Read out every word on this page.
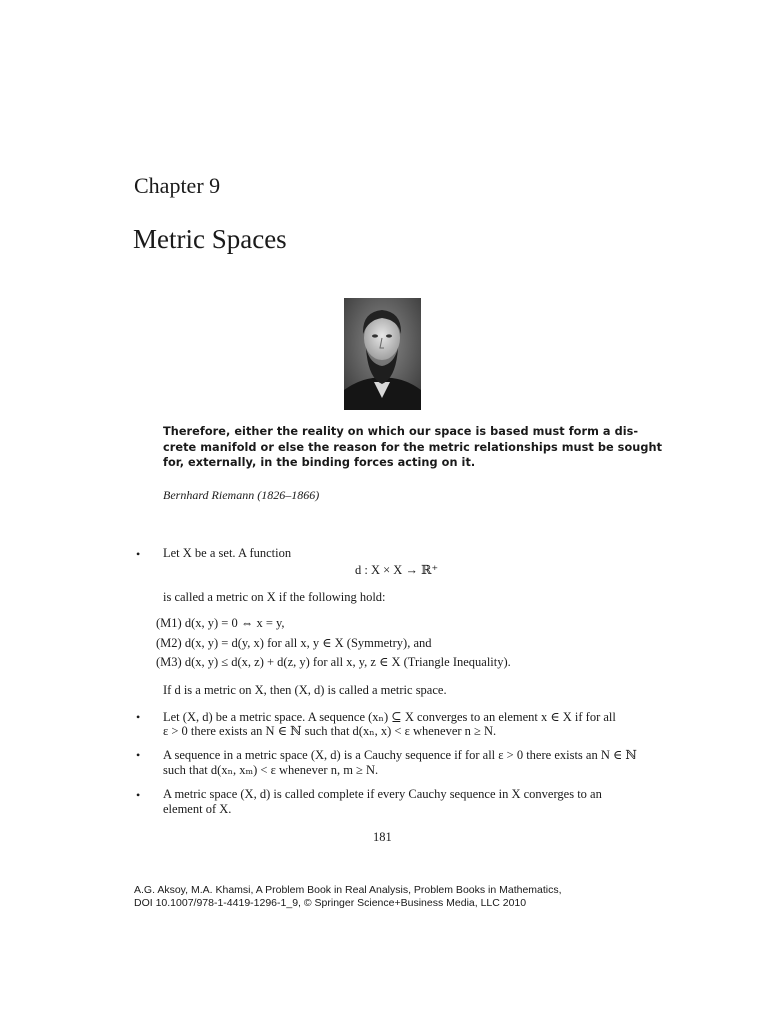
Chapter 9
Metric Spaces
Therefore, either the reality on which our space is based must form a dis-
crete manifold or else the reason for the metric relationships must be sought
for, externally, in the binding forces acting on it.
Bernhard Riemann (1826–1866)
• Let X be a set. A function
d : X × X → ℝ⁺
is called a metric on X if the following hold:
(M1) d(x, y) = 0 ⇔ x = y,
(M2) d(x, y) = d(y, x) for all x, y ∈ X (Symmetry), and
(M3) d(x, y) ≤ d(x, z) + d(z, y) for all x, y, z ∈ X (Triangle Inequality).
If d is a metric on X, then (X, d) is called a metric space.
• Let (X, d) be a metric space. A sequence (xₙ) ⊆ X converges to an element x ∈ X if for all
ε > 0 there exists an N ∈ ℕ such that d(xₙ, x) < ε whenever n ≥ N.
• A sequence in a metric space (X, d) is a Cauchy sequence if for all ε > 0 there exists an N ∈ ℕ
such that d(xₙ, xₘ) < ε whenever n, m ≥ N.
• A metric space (X, d) is called complete if every Cauchy sequence in X converges to an
element of X.
181
A.G. Aksoy, M.A. Khamsi, A Problem Book in Real Analysis, Problem Books in Mathematics,
DOI 10.1007/978-1-4419-1296-1_9, © Springer Science+Business Media, LLC 2010
